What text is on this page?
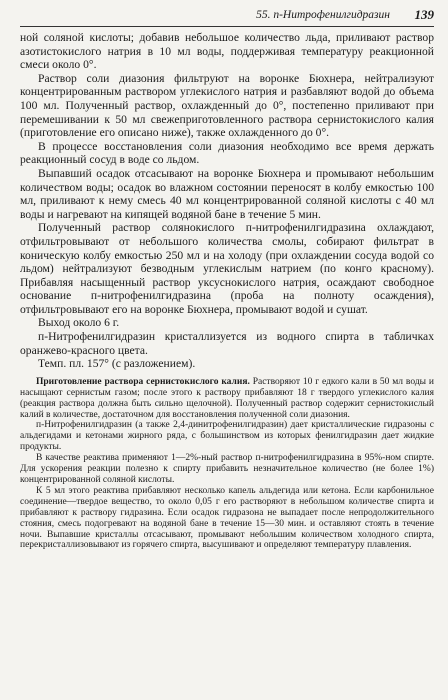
55. п-Нитрофенилгидразин 139

ной соляной кислоты; добавив небольшое количество льда, приливают раствор азотистокислого натрия в 10 мл воды, поддерживая температуру реакционной смеси около 0°.

Раствор соли диазония фильтруют на воронке Бюхнера, нейтрализуют концентрированным раствором углекислого натрия и разбавляют водой до объема 100 мл. Полученный раствор, охлажденный до 0°, постепенно приливают при перемешивании к 50 мл свежеприготовленного раствора сернистокислого калия (приготовление его описано ниже), также охлажденного до 0°.

В процессе восстановления соли диазония необходимо все время держать реакционный сосуд в воде со льдом.

Выпавший осадок отсасывают на воронке Бюхнера и промывают небольшим количеством воды; осадок во влажном состоянии переносят в колбу емкостью 100 мл, приливают к нему смесь 40 мл концентрированной соляной кислоты с 40 мл воды и нагревают на кипящей водяной бане в течение 5 мин.

Полученный раствор солянокислого п-нитрофенилгидразина охлаждают, отфильтровывают от небольшого количества смолы, собирают фильтрат в коническую колбу емкостью 250 мл и на холоду (при охлаждении сосуда водой со льдом) нейтрализуют безводным углекислым натрием (по конго красному). Прибавляя насыщенный раствор уксуснокислого натрия, осаждают свободное основание п-нитрофенилгидразина (проба на полноту осаждения), отфильтровывают его на воронке Бюхнера, промывают водой и сушат.

Выход около 6 г.

п-Нитрофенилгидразин кристаллизуется из водного спирта в табличках оранжево-красного цвета.

Темп. пл. 157° (с разложением).

Приготовление раствора сернистокислого калия. Растворяют 10 г едкого кали в 50 мл воды и насыщают сернистым газом; после этого к раствору прибавляют 18 г твердого углекислого калия (реакция раствора должна быть сильно щелочной). Полученный раствор содержит сернистокислый калий в количестве, достаточном для восстановления полученной соли диазония.

п-Нитрофенилгидразин (а также 2,4-динитрофенилгидразин) дает кристаллические гидразоны с альдегидами и кетонами жирного ряда, с большинством из которых фенилгидразин дает жидкие продукты.

В качестве реактива применяют 1—2%-ный раствор п-нитрофенилгидразина в 95%-ном спирте. Для ускорения реакции полезно к спирту прибавить незначительное количество (не более 1%) концентрированной соляной кислоты.

К 5 мл этого реактива прибавляют несколько капель альдегида или кетона. Если карбонильное соединение—твердое вещество, то около 0,05 г его растворяют в небольшом количестве спирта и прибавляют к раствору гидразина. Если осадок гидразона не выпадает после непродолжительного стояния, смесь подогревают на водяной бане в течение 15—30 мин. и оставляют стоять в течение ночи. Выпавшие кристаллы отсасывают, промывают небольшим количеством холодного спирта, перекристаллизовывают из горячего спирта, высушивают и определяют температуру плавления.
